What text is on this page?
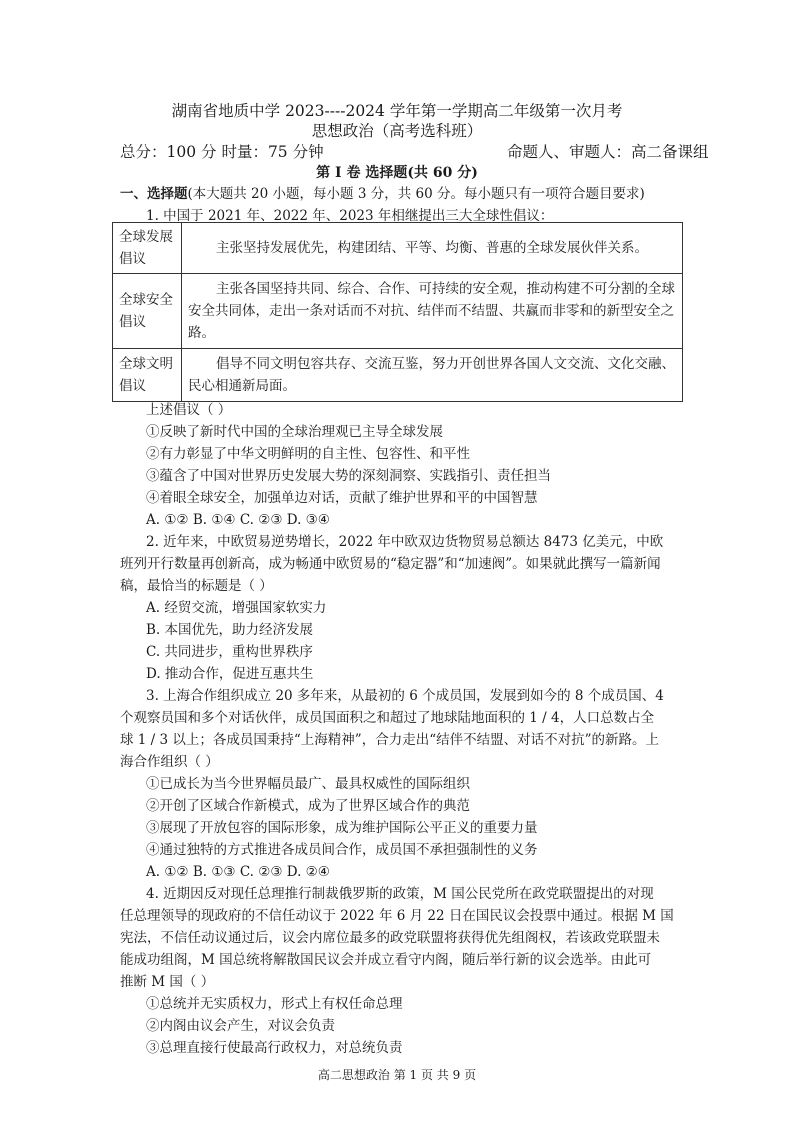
湖南省地质中学 2023----2024 学年第一学期高二年级第一次月考
思想政治（高考选科班）
总分：100 分 时量：75 分钟	命题人、审题人：高二备课组
第 Ⅰ 卷 选择题(共 60 分)
一、选择题(本大题共 20 小题，每小题 3 分，共 60 分。每小题只有一项符合题目要求)
1. 中国于 2021 年、2022 年、2023 年相继提出三大全球性倡议：
全球发展倡议	主张坚持发展优先，构建团结、平等、均衡、普惠的全球发展伙伴关系。
全球安全倡议	主张各国坚持共同、综合、合作、可持续的安全观，推动构建不可分割的全球安全共同体，走出一条对话而不对抗、结伴而不结盟、共赢而非零和的新型安全之路。
全球文明倡议	倡导不同文明包容共存、交流互鉴，努力开创世界各国人文交流、文化交融、民心相通新局面。
上述倡议（ ）
①反映了新时代中国的全球治理观已主导全球发展
②有力彰显了中华文明鲜明的自主性、包容性、和平性
③蕴含了中国对世界历史发展大势的深刻洞察、实践指引、责任担当
④着眼全球安全，加强单边对话，贡献了维护世界和平的中国智慧
A. ①② B. ①④ C. ②③ D. ③④
2. 近年来，中欧贸易逆势增长，2022 年中欧双边货物贸易总额达 8473 亿美元，中欧
班列开行数量再创新高，成为畅通中欧贸易的“稳定器”和“加速阀”。如果就此撰写一篇新闻
稿，最恰当的标题是（ ）
A. 经贸交流，增强国家软实力
B. 本国优先，助力经济发展
C. 共同进步，重构世界秩序
D. 推动合作，促进互惠共生
3. 上海合作组织成立 20 多年来，从最初的 6 个成员国，发展到如今的 8 个成员国、4
个观察员国和多个对话伙伴，成员国面积之和超过了地球陆地面积的 1 / 4，人口总数占全
球 1 / 3 以上；各成员国秉持“上海精神”，合力走出“结伴不结盟、对话不对抗”的新路。上
海合作组织（ ）
①已成长为当今世界幅员最广、最具权威性的国际组织
②开创了区域合作新模式，成为了世界区域合作的典范
③展现了开放包容的国际形象，成为维护国际公平正义的重要力量
④通过独特的方式推进各成员间合作，成员国不承担强制性的义务
A. ①② B. ①③ C. ②③ D. ②④
4. 近期因反对现任总理推行制裁俄罗斯的政策，M 国公民党所在政党联盟提出的对现
任总理领导的现政府的不信任动议于 2022 年 6 月 22 日在国民议会投票中通过。根据 M 国
宪法，不信任动议通过后，议会内席位最多的政党联盟将获得优先组阁权，若该政党联盟未
能成功组阁，M 国总统将解散国民议会并成立看守内阁，随后举行新的议会选举。由此可
推断 M 国（ ）
①总统并无实质权力，形式上有权任命总理
②内阁由议会产生，对议会负责
③总理直接行使最高行政权力，对总统负责
高二思想政治 第 1 页 共 9 页
